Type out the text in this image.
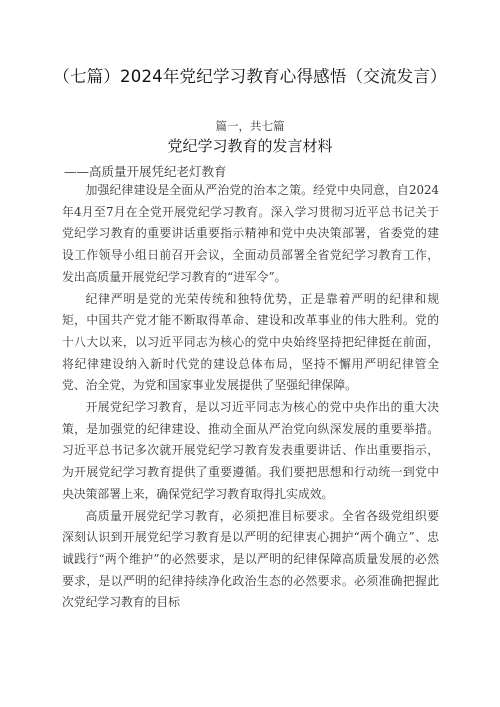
（七篇）2024年党纪学习教育心得感悟（交流发言）
篇一，共七篇
党纪学习教育的发言材料
——高质量开展凭纪老灯教育

加强纪律建设是全面从严治党的治本之策。经党中央同意，自2024年4月至7月在全党开展党纪学习教育。深入学习贯彻习近平总书记关于党纪学习教育的重要讲话重要指示精神和党中央决策部署，省委党的建设工作领导小组日前召开会议，全面动员部署全省党纪学习教育工作，发出高质量开展党纪学习教育的“进军令”。

纪律严明是党的光荣传统和独特优势，正是靠着严明的纪律和规矩，中国共产党才能不断取得革命、建设和改革事业的伟大胜利。党的十八大以来，以习近平同志为核心的党中央始终坚持把纪律挺在前面，将纪律建设纳入新时代党的建设总体布局，坚持不懈用严明纪律管全党、治全党，为党和国家事业发展提供了坚强纪律保障。

开展党纪学习教育，是以习近平同志为核心的党中央作出的重大决策，是加强党的纪律建设、推动全面从严治党向纵深发展的重要举措。习近平总书记多次就开展党纪学习教育发表重要讲话、作出重要指示，为开展党纪学习教育提供了重要遵循。我们要把思想和行动统一到党中央决策部署上来，确保党纪学习教育取得扎实成效。

高质量开展党纪学习教育，必须把准目标要求。全省各级党组织要深刻认识到开展党纪学习教育是以严明的纪律衷心拥护“两个确立”、忠诚践行“两个维护”的必然要求，是以严明的纪律保障高质量发展的必然要求，是以严明的纪律持续净化政治生态的必然要求。必须准确把握此次党纪学习教育的目标
